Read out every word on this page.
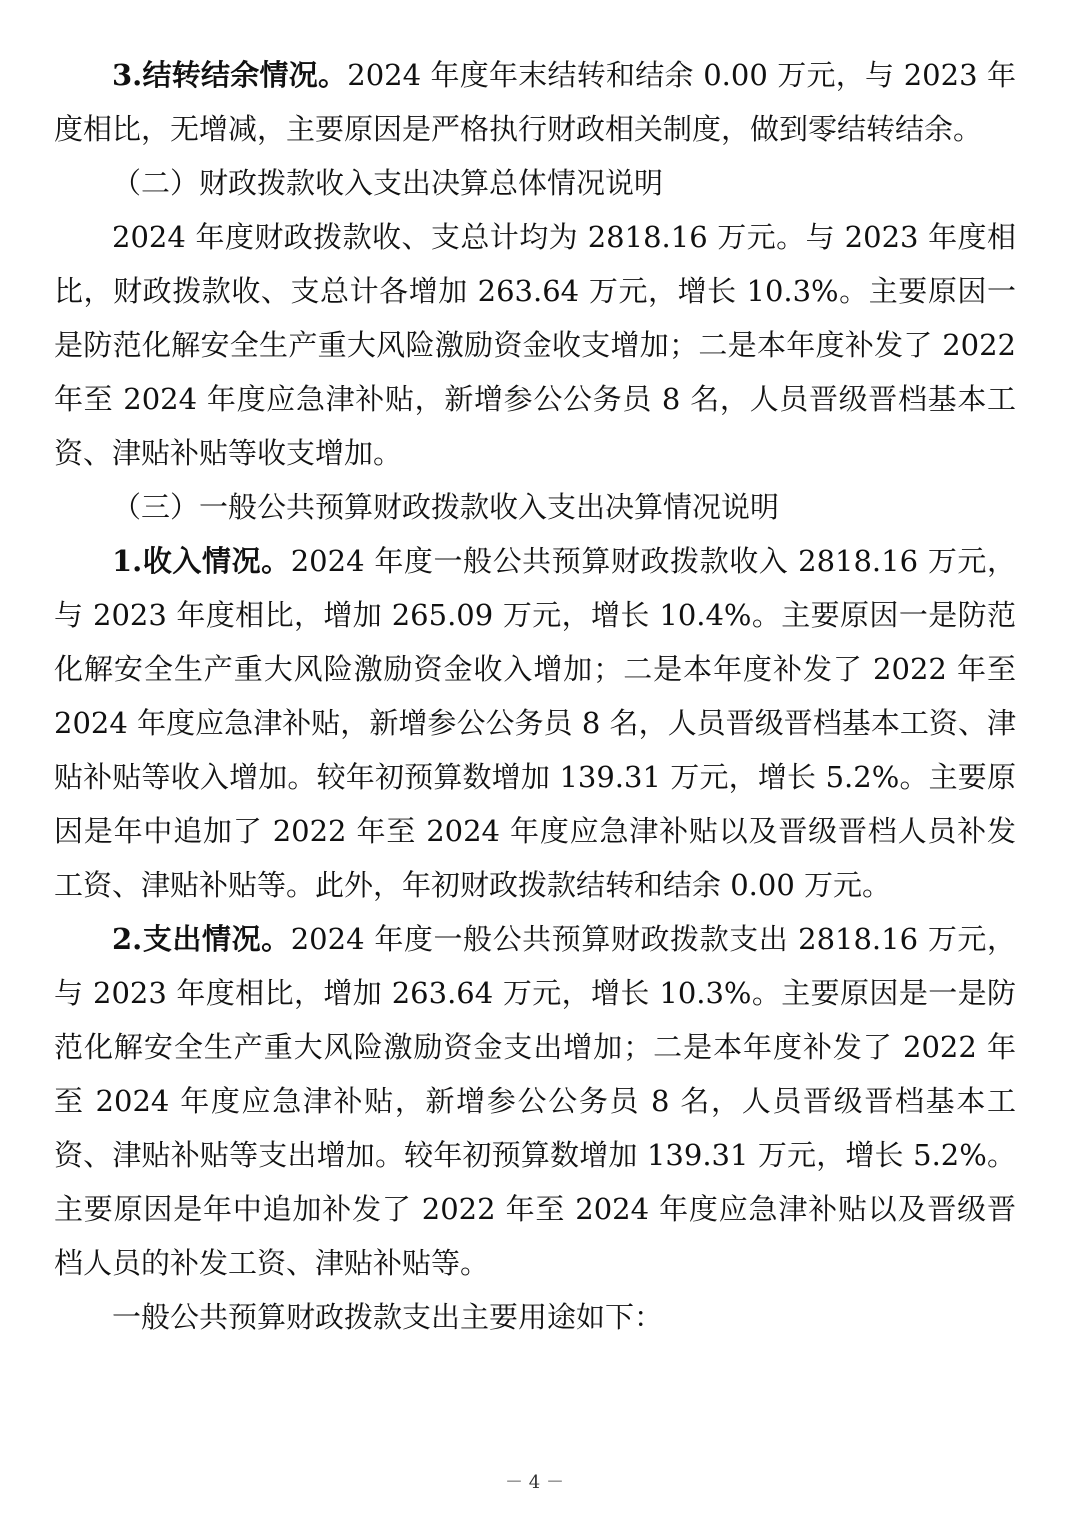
3.结转结余情况。2024 年度年末结转和结余 0.00 万元，与 2023 年度相比，无增减，主要原因是严格执行财政相关制度，做到零结转结余。

（二）财政拨款收入支出决算总体情况说明

2024 年度财政拨款收、支总计均为 2818.16 万元。与 2023 年度相比，财政拨款收、支总计各增加 263.64 万元，增长 10.3%。主要原因一是防范化解安全生产重大风险激励资金收支增加；二是本年度补发了 2022 年至 2024 年度应急津补贴，新增参公公务员 8 名，人员晋级晋档基本工资、津贴补贴等收支增加。

（三）一般公共预算财政拨款收入支出决算情况说明

1.收入情况。2024 年度一般公共预算财政拨款收入 2818.16 万元，与 2023 年度相比，增加 265.09 万元，增长 10.4%。主要原因一是防范化解安全生产重大风险激励资金收入增加；二是本年度补发了 2022 年至 2024 年度应急津补贴，新增参公公务员 8 名，人员晋级晋档基本工资、津贴补贴等收入增加。较年初预算数增加 139.31 万元，增长 5.2%。主要原因是年中追加了 2022 年至 2024 年度应急津补贴以及晋级晋档人员补发工资、津贴补贴等。此外，年初财政拨款结转和结余 0.00 万元。

2.支出情况。2024 年度一般公共预算财政拨款支出 2818.16 万元，与 2023 年度相比，增加 263.64 万元，增长 10.3%。主要原因是一是防范化解安全生产重大风险激励资金支出增加；二是本年度补发了 2022 年至 2024 年度应急津补贴，新增参公公务员 8 名，人员晋级晋档基本工资、津贴补贴等支出增加。较年初预算数增加 139.31 万元，增长 5.2%。主要原因是年中追加补发了 2022 年至 2024 年度应急津补贴以及晋级晋档人员的补发工资、津贴补贴等。

一般公共预算财政拨款支出主要用途如下：

－ 4 －
